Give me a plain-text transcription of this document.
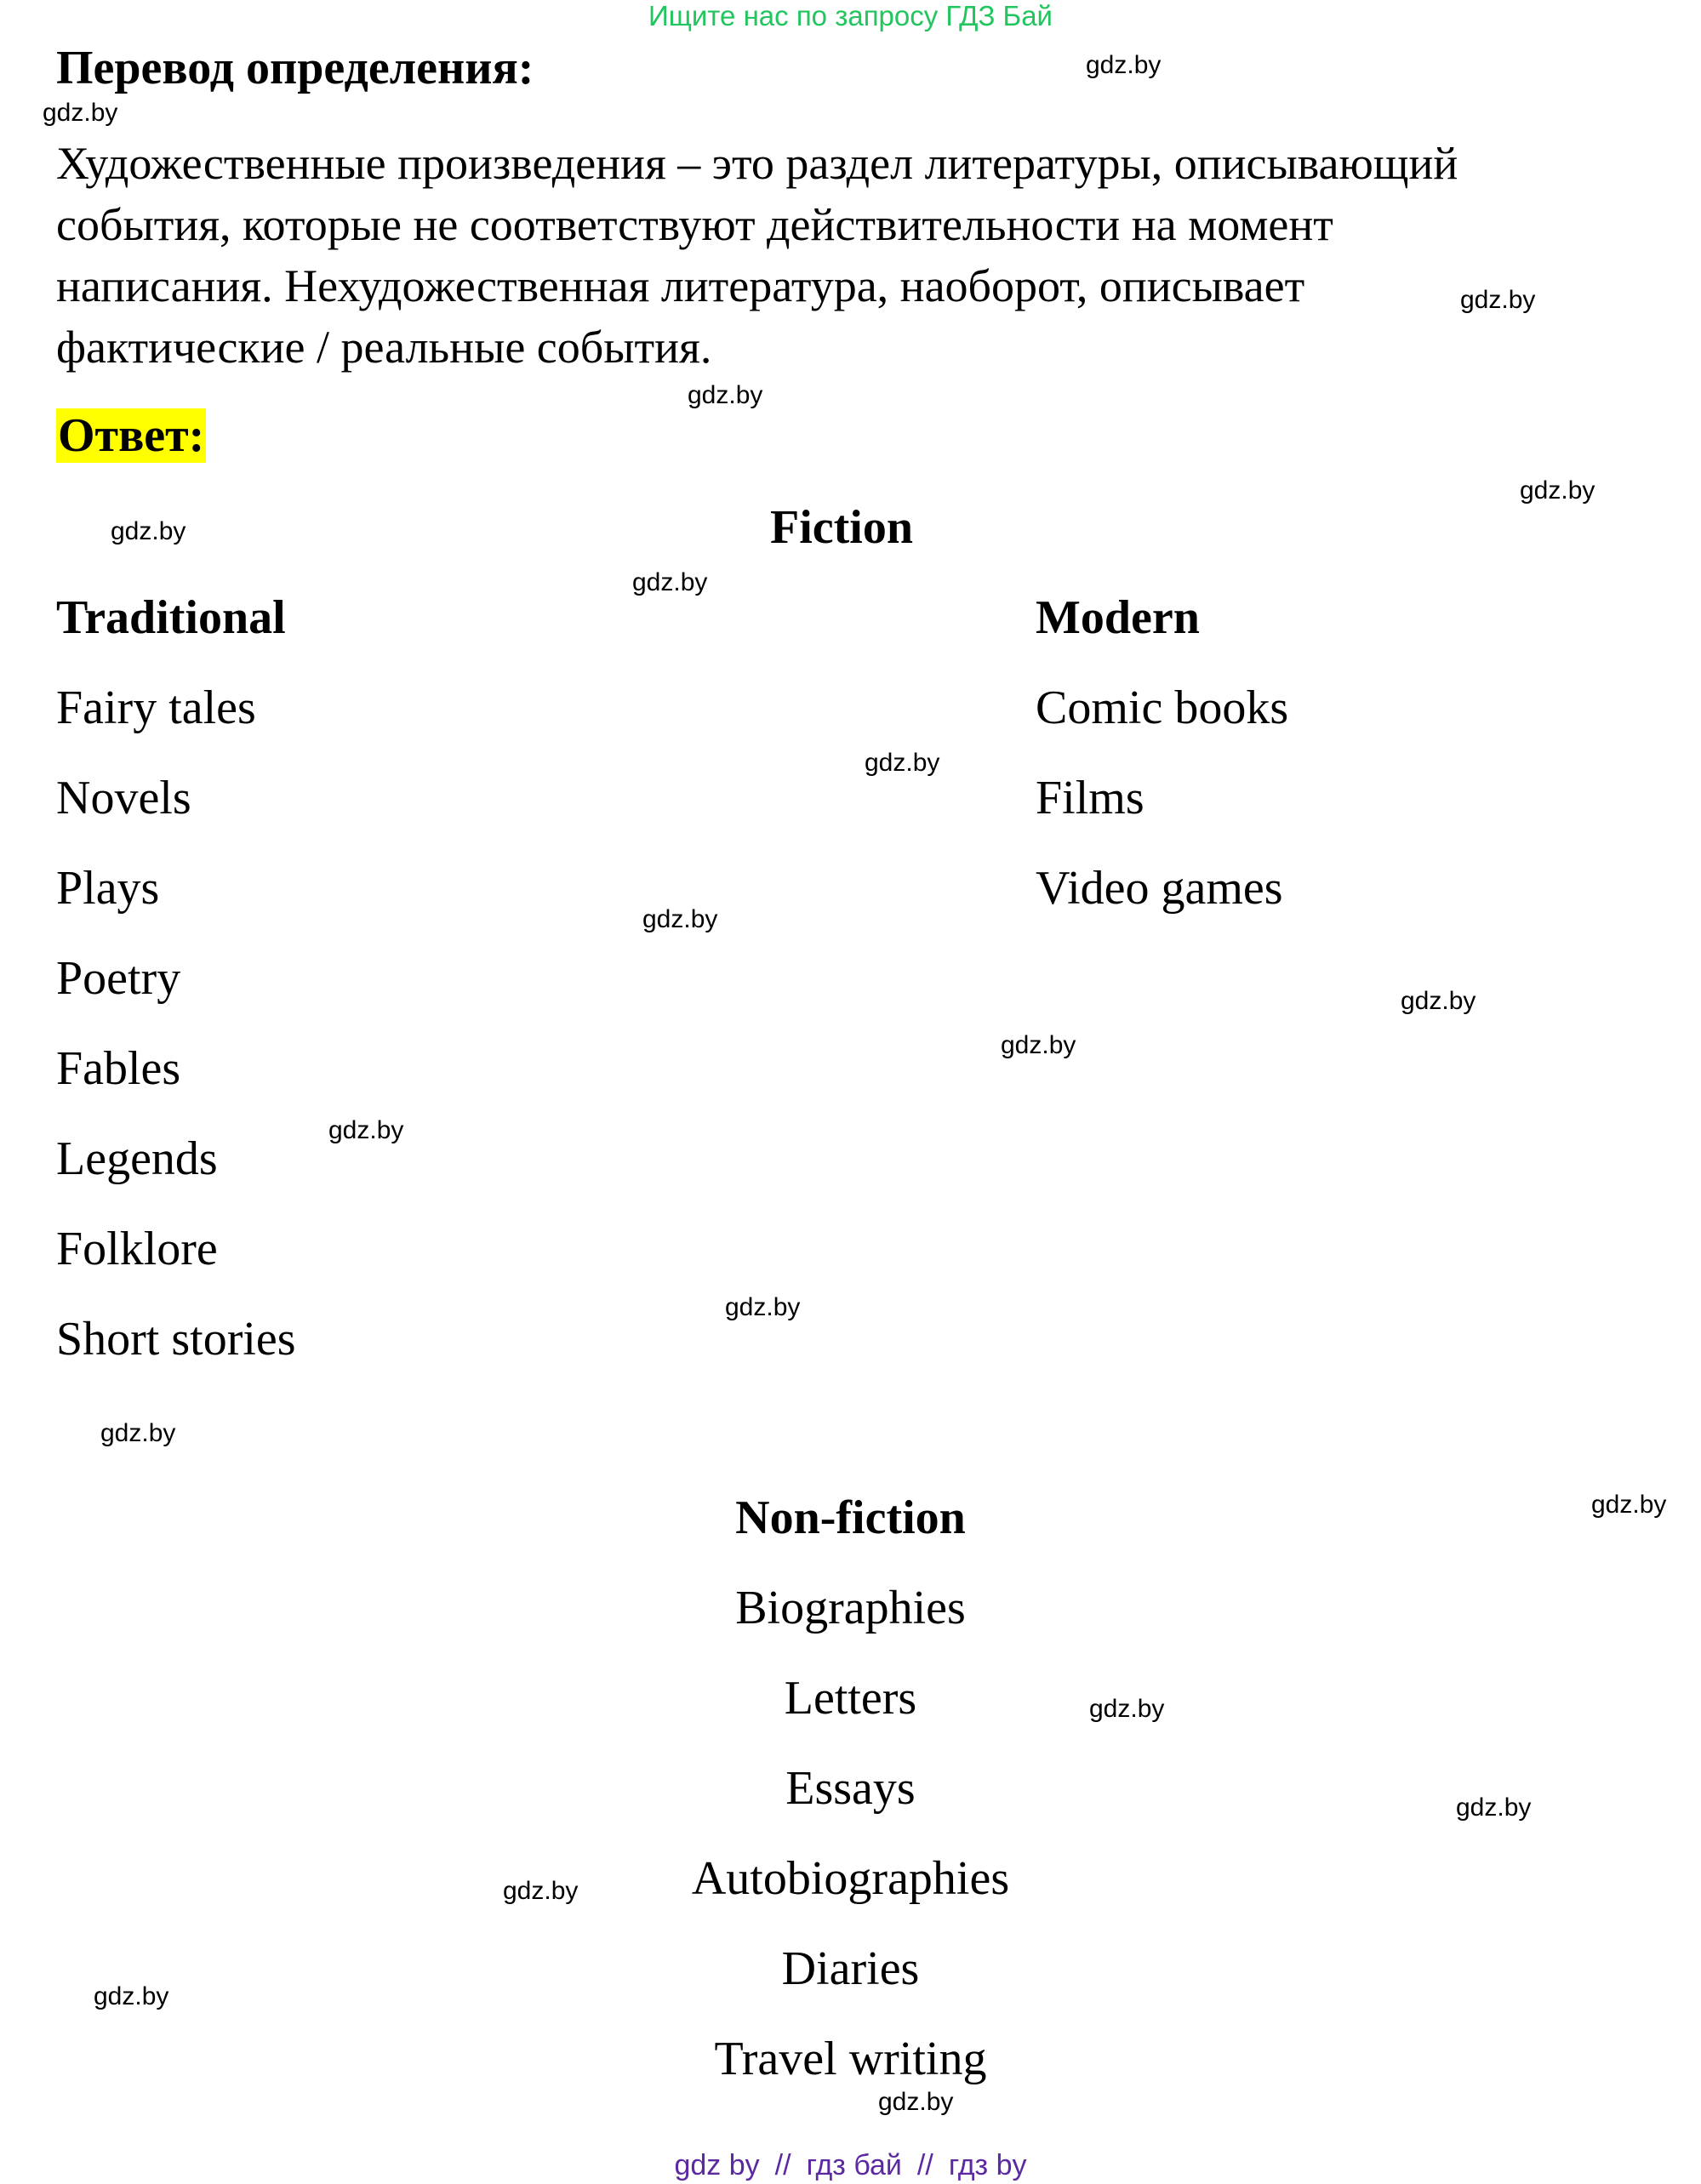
Ищите нас по запросу ГДЗ Бай
Перевод определения:
Художественные произведения – это раздел литературы, описывающий
события, которые не соответствуют действительности на момент
написания. Нехудожественная литература, наоборот, описывает
фактические / реальные события.
Ответ:
Fiction
Traditional	Modern
Fairy tales
Novels
Plays
Poetry
Fables
Legends
Folklore
Short stories
Comic books
Films
Video games
Non-fiction
Biographies
Letters
Essays
Autobiographies
Diaries
Travel writing
gdz.by
gdz.by
gdz.by
gdz.by
gdz.by
gdz.by
gdz.by
gdz.by
gdz.by
gdz.by
gdz.by
gdz.by
gdz.by
gdz.by
gdz.by
gdz.by
gdz.by
gdz.by
gdz.by
gdz.by
gdz by // гдз бай // гдз by
